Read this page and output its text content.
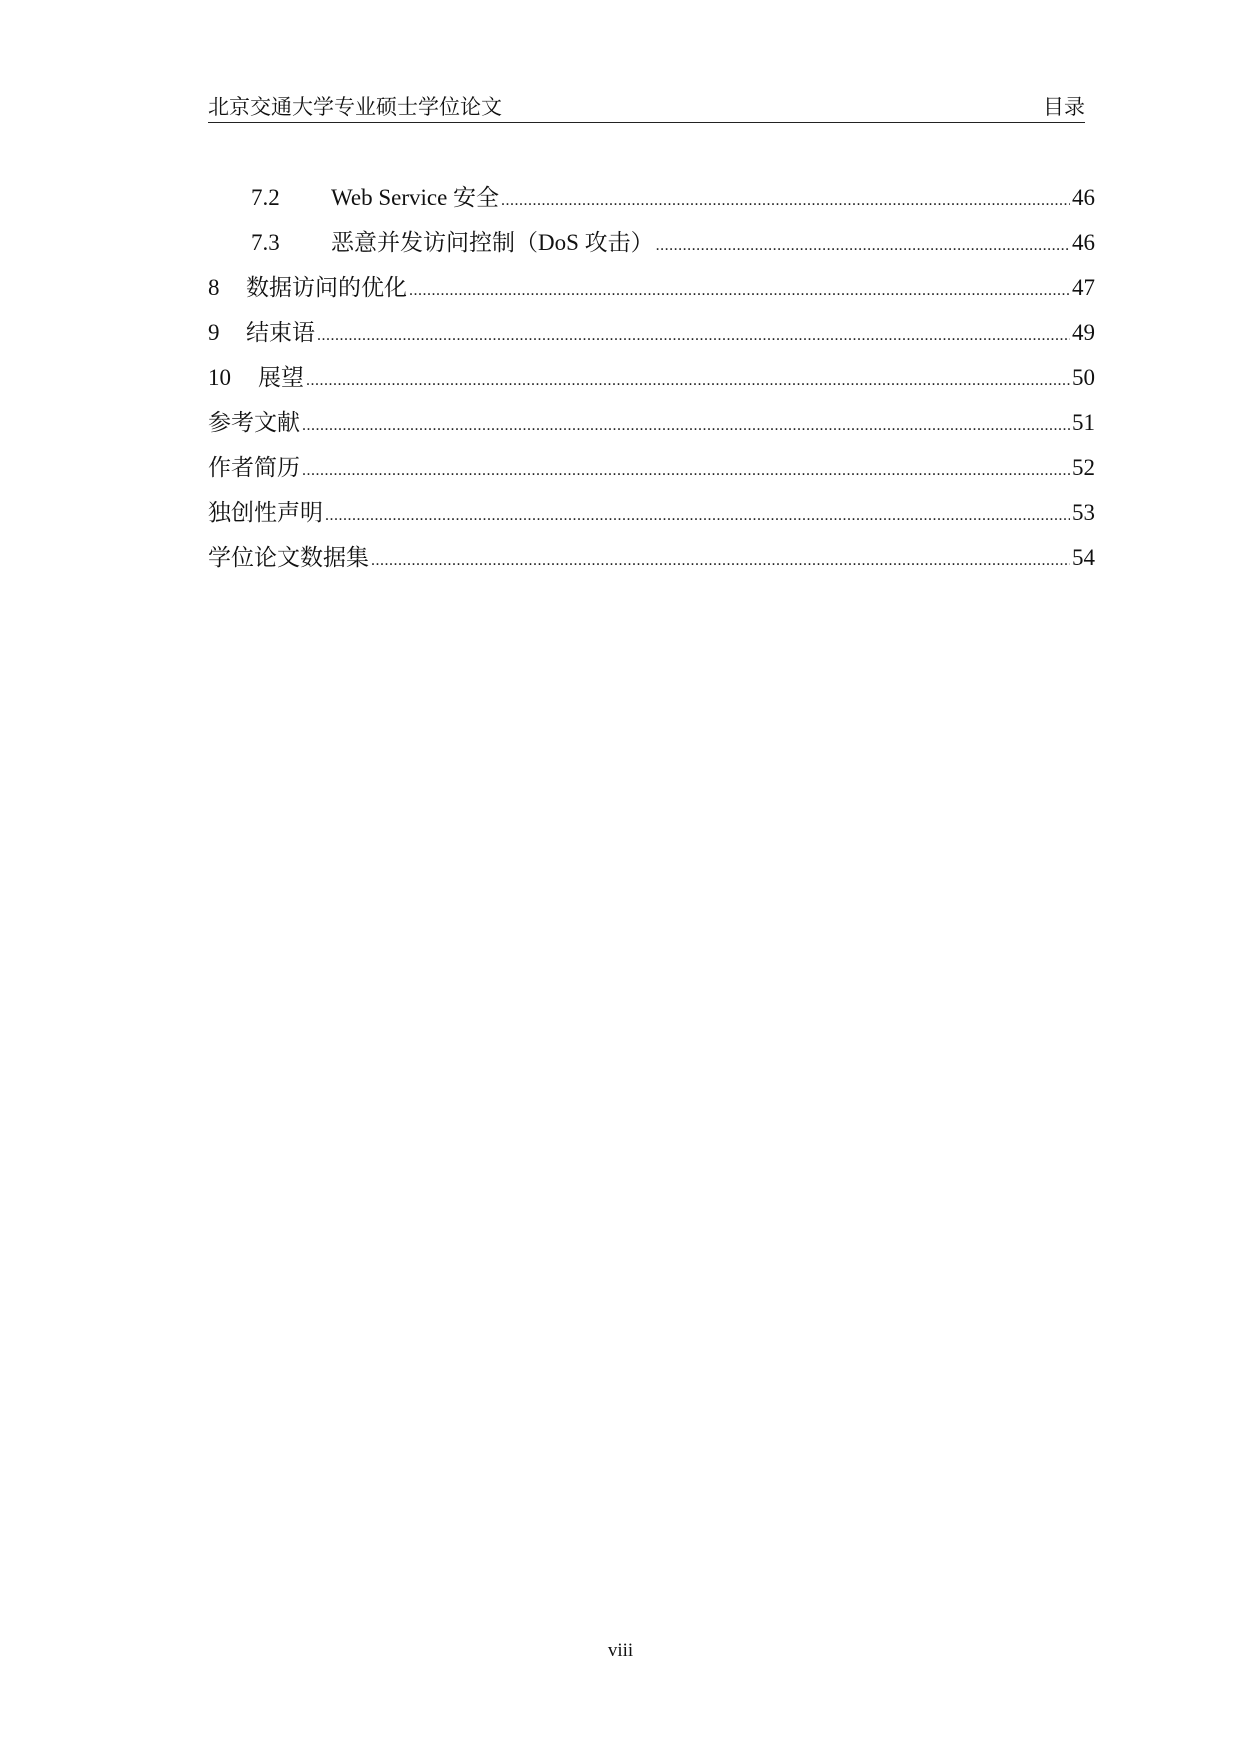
北京交通大学专业硕士学位论文	目录
7.2	Web Service 安全 .....	46
7.3	恶意并发访问控制（DoS 攻击） .....	46
8	数据访问的优化 .....	47
9	结束语 .....	49
10	展望 .....	50
参考文献 .....	51
作者简历 .....	52
独创性声明 .....	53
学位论文数据集 .....	54
viii
